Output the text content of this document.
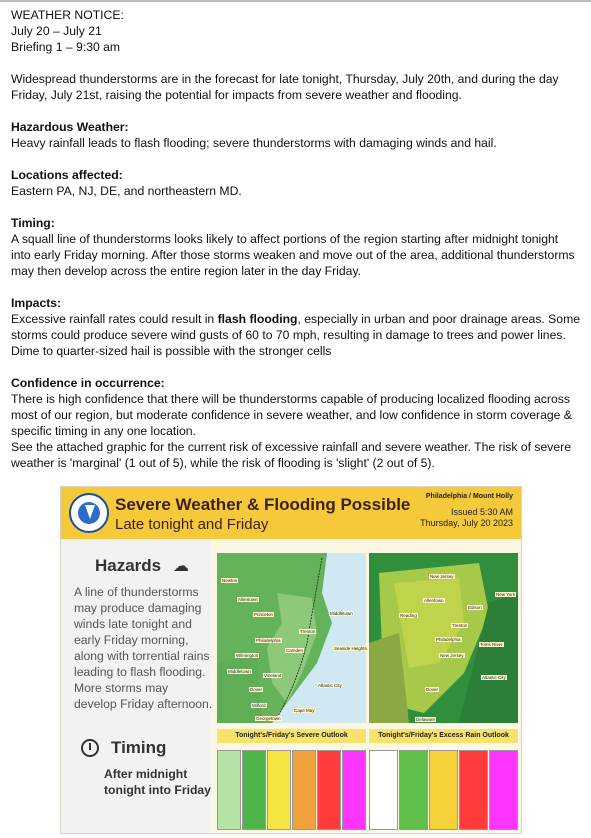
WEATHER NOTICE:

July 20 – July 21

Briefing 1 – 9:30 am

Widespread thunderstorms are in the forecast for late tonight, Thursday, July 20th, and during the day Friday, July 21st, raising the potential for impacts from severe weather and flooding.

Hazardous Weather:

Heavy rainfall leads to flash flooding; severe thunderstorms with damaging winds and hail.

Locations affected:

Eastern PA, NJ, DE, and northeastern MD.

Timing:

A squall line of thunderstorms looks likely to affect portions of the region starting after midnight tonight into early Friday morning. After those storms weaken and move out of the area, additional thunderstorms may then develop across the entire region later in the day Friday.

Impacts:

Excessive rainfall rates could result in flash flooding, especially in urban and poor drainage areas. Some storms could produce severe wind gusts of 60 to 70 mph, resulting in damage to trees and power lines. Dime to quarter-sized hail is possible with the stronger cells

Confidence in occurrence:

There is high confidence that there will be thunderstorms capable of producing localized flooding across most of our region, but moderate confidence in severe weather, and low confidence in storm coverage & specific timing in any one location.

See the attached graphic for the current risk of excessive rainfall and severe weather. The risk of severe weather is 'marginal' (1 out of 5), while the risk of flooding is 'slight' (2 out of 5).

Severe Weather & Flooding Possible
Late tonight and Friday
Philadelphia / Mount Holly
Issued 5:30 AM
Thursday, July 20 2023
Hazards ☁
A line of thunderstorms may produce damaging winds late tonight and early Friday morning, along with torrential rains leading to flash flooding. More storms may develop Friday afternoon.
Timing
After midnight tonight into Friday
Tonight's/Friday's Severe Outlook	Tonight's/Friday's Excess Rain Outlook
Newton
Allentown
Princeton	Middletown
Trenton
Philadelphia
Camden
Wilmington
Seaside Heights
Middletown
Atlantic City
Vineland
Dover
Milford
Georgetown
Cape May
New Jersey
Allentown
New York
Edison
Reading
Trenton
Philadelphia
Toms River
New Jersey
Atlantic City
Dover
Delaware
